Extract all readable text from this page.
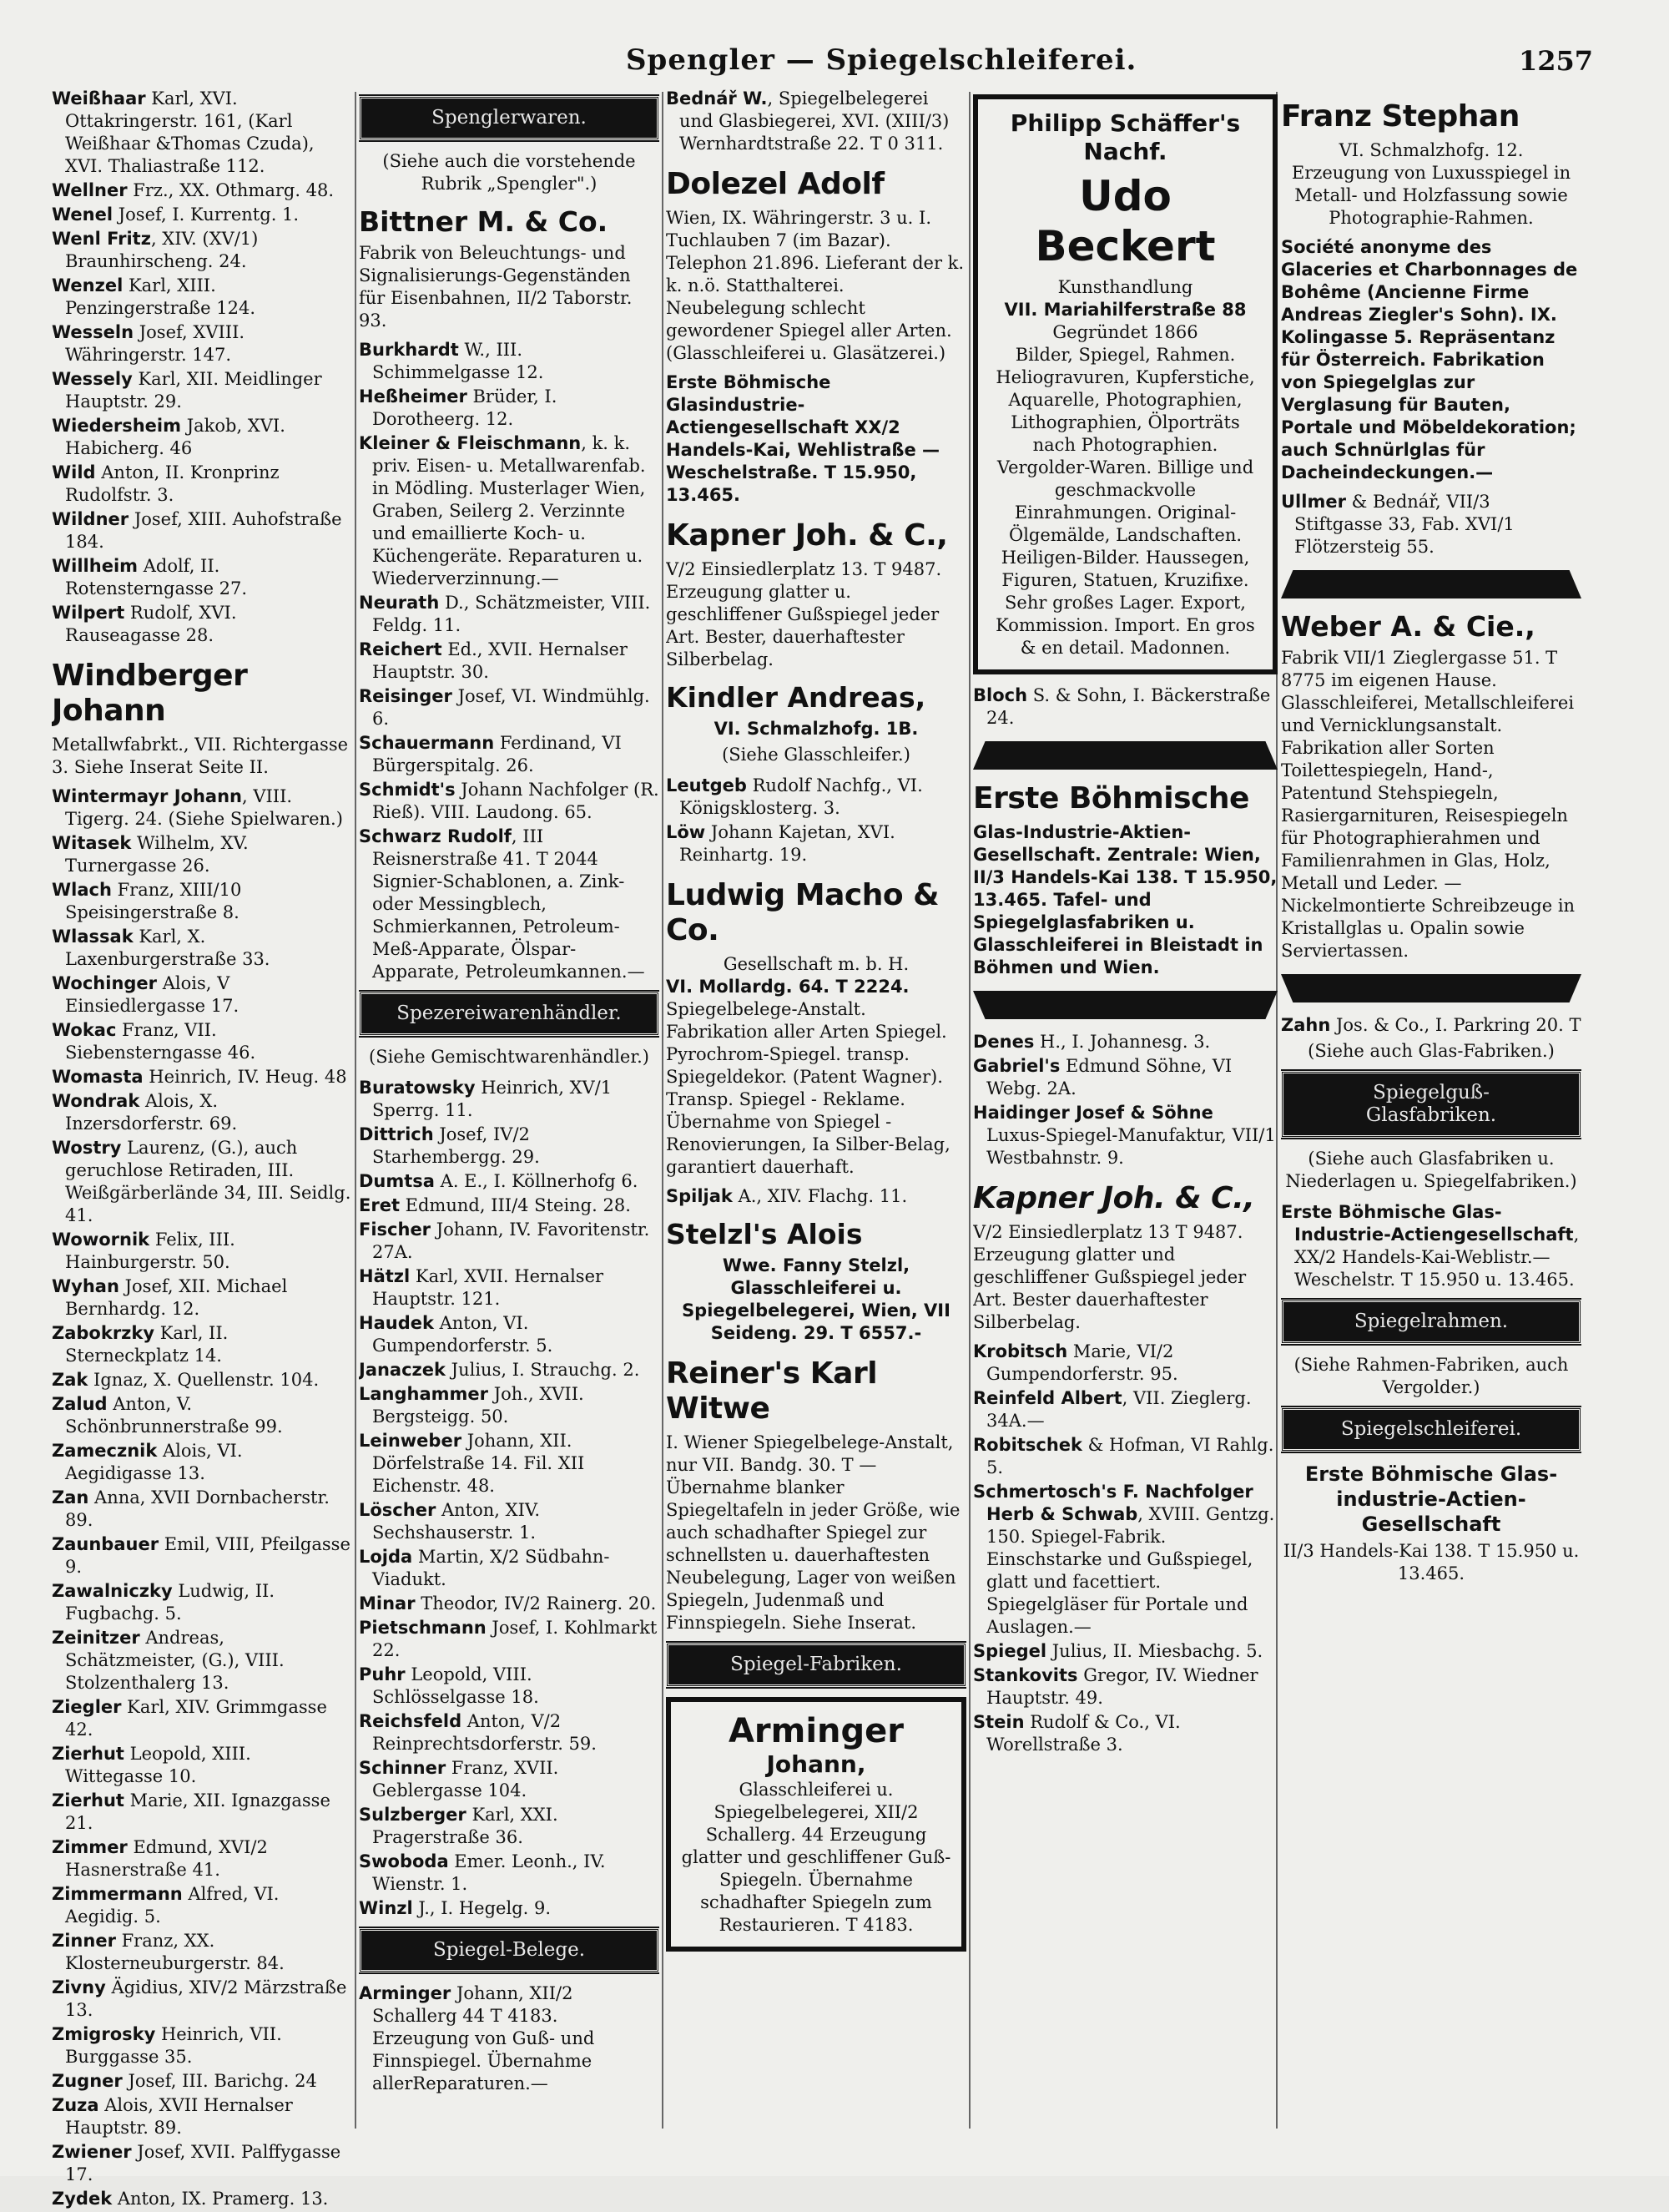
Spengler — Spiegelschleiferei.	1257
Weißhaar Karl, XVI. Ottakringerstr. 161, (Karl Weißhaar &Thomas Czuda), XVI. Thaliastraße 112.
Wellner Frz., XX. Othmarg. 48.
Wenel Josef, I. Kurrentg. 1.
Wenl Fritz, XIV. (XV/1) Braunhirscheng. 24.
Wenzel Karl, XIII. Penzingerstraße 124.
Wesseln Josef, XVIII. Währingerstr. 147.
Wessely Karl, XII. Meidlinger Hauptstr. 29.
Wiedersheim Jakob, XVI. Habicherg. 46
Wild Anton, II. Kronprinz Rudolfstr. 3.
Wildner Josef, XIII. Auhofstraße 184.
Willheim Adolf, II. Rotensterngasse 27.
Wilpert Rudolf, XVI. Rauseagasse 28.
Windberger Johann
Metallwfabrkt., VII. Richtergasse 3. Siehe Inserat Seite II.
Wintermayr Johann, VIII. Tigerg. 24. (Siehe Spielwaren.)
Witasek Wilhelm, XV. Turnergasse 26.
Wlach Franz, XIII/10 Speisingerstraße 8.
Wlassak Karl, X. Laxenburgerstraße 33.
Wochinger Alois, V Einsiedlergasse 17.
Wokac Franz, VII. Siebensterngasse 46.
Womasta Heinrich, IV. Heug. 48
Wondrak Alois, X. Inzersdorferstr. 69.
Wostry Laurenz, (G.), auch geruchlose Retiraden, III. Weißgärberlände 34, III. Seidlg. 41.
Wowornik Felix, III. Hainburgerstr. 50.
Wyhan Josef, XII. Michael Bernhardg. 12.
Zabokrzky Karl, II. Sterneckplatz 14.
Zak Ignaz, X. Quellenstr. 104.
Zalud Anton, V. Schönbrunnerstraße 99.
Zamecznik Alois, VI. Aegidigasse 13.
Zan Anna, XVII Dornbacherstr. 89.
Zaunbauer Emil, VIII, Pfeilgasse 9.
Zawalniczky Ludwig, II. Fugbachg. 5.
Zeinitzer Andreas, Schätzmeister, (G.), VIII. Stolzenthalerg 13.
Ziegler Karl, XIV. Grimmgasse 42.
Zierhut Leopold, XIII. Wittegasse 10.
Zierhut Marie, XII. Ignazgasse 21.
Zimmer Edmund, XVI/2 Hasnerstraße 41.
Zimmermann Alfred, VI. Aegidig. 5.
Zinner Franz, XX. Klosterneuburgerstr. 84.
Zivny Ägidius, XIV/2 Märzstraße 13.
Zmigrosky Heinrich, VII. Burggasse 35.
Zugner Josef, III. Barichg. 24
Zuza Alois, XVII Hernalser Hauptstr. 89.
Zwiener Josef, XVII. Palffygasse 17.
Zydek Anton, IX. Pramerg. 13.
Spenglerwaren.
(Siehe auch die vorstehende Rubrik „Spengler".)
Bittner M. & Co.
Fabrik von Beleuchtungs- und Signalisierungs-Gegenständen für Eisenbahnen, II/2 Taborstr. 93.
Burkhardt W., III. Schimmelgasse 12.
Heßheimer Brüder, I. Dorotheerg. 12.
Kleiner & Fleischmann, k. k. priv. Eisen- u. Metallwarenfab. in Mödling. Musterlager Wien, Graben, Seilerg 2. Verzinnte und emaillierte Koch- u. Küchengeräte. Reparaturen u. Wiederverzinnung.—
Neurath D., Schätzmeister, VIII. Feldg. 11.
Reichert Ed., XVII. Hernalser Hauptstr. 30.
Reisinger Josef, VI. Windmühlg. 6.
Schauermann Ferdinand, VI Bürgerspitalg. 26.
Schmidt's Johann Nachfolger (R. Rieß). VIII. Laudong. 65.
Schwarz Rudolf, III Reisnerstraße 41. T 2044 Signier-Schablonen, a. Zink- oder Messingblech, Schmierkannen, Petroleum-Meß-Apparate, Ölspar-Apparate, Petroleumkannen.—
Spezereiwarenhändler.
(Siehe Gemischtwarenhändler.)
Buratowsky Heinrich, XV/1 Sperrg. 11.
Dittrich Josef, IV/2 Starhembergg. 29.
Dumtsa A. E., I. Köllnerhofg 6.
Eret Edmund, III/4 Steing. 28.
Fischer Johann, IV. Favoritenstr. 27A.
Hätzl Karl, XVII. Hernalser Hauptstr. 121.
Haudek Anton, VI. Gumpendorferstr. 5.
Janaczek Julius, I. Strauchg. 2.
Langhammer Joh., XVII. Bergsteigg. 50.
Leinweber Johann, XII. Dörfelstraße 14. Fil. XII Eichenstr. 48.
Löscher Anton, XIV. Sechshauserstr. 1.
Lojda Martin, X/2 Südbahn-Viadukt.
Minar Theodor, IV/2 Rainerg. 20.
Pietschmann Josef, I. Kohlmarkt 22.
Puhr Leopold, VIII. Schlösselgasse 18.
Reichsfeld Anton, V/2 Reinprechtsdorferstr. 59.
Schinner Franz, XVII. Geblergasse 104.
Sulzberger Karl, XXI. Pragerstraße 36.
Swoboda Emer. Leonh., IV. Wienstr. 1.
Winzl J., I. Hegelg. 9.
Spiegel-Belege.
Arminger Johann, XII/2 Schallerg 44 T 4183. Erzeugung von Guß- und Finnspiegel. Übernahme allerReparaturen.—
Bednář W., Spiegelbelegerei und Glasbiegerei, XVI. (XIII/3) Wernhardtstraße 22. T 0 311.
Dolezel Adolf
Wien, IX. Währingerstr. 3 u. I. Tuchlauben 7 (im Bazar). Telephon 21.896. Lieferant der k. k. n.ö. Statthalterei. Neubelegung schlecht gewordener Spiegel aller Arten. (Glasschleiferei u. Glasätzerei.)
Erste Böhmische Glasindustrie-Actiengesellschaft XX/2 Handels-Kai, Wehlistraße — Weschelstraße. T 15.950, 13.465.
Kapner Joh. & C.,
V/2 Einsiedlerplatz 13. T 9487. Erzeugung glatter u. geschliffener Gußspiegel jeder Art. Bester, dauerhaftester Silberbelag.
Kindler Andreas,
VI. Schmalzhofg. 1B.
(Siehe Glasschleifer.)
Leutgeb Rudolf Nachfg., VI. Königsklosterg. 3.
Löw Johann Kajetan, XVI. Reinhartg. 19.
Ludwig Macho & Co.
Gesellschaft m. b. H.
VI. Mollardg. 64. T 2224.
Spiegelbelege-Anstalt. Fabrikation aller Arten Spiegel. Pyrochrom-Spiegel. transp. Spiegeldekor. (Patent Wagner). Transp. Spiegel - Reklame. Übernahme von Spiegel - Renovierungen, Ia Silber-Belag, garantiert dauerhaft.
Spiljak A., XIV. Flachg. 11.
Stelzl's Alois
Wwe. Fanny Stelzl, Glasschleiferei u. Spiegelbelegerei, Wien, VII Seideng. 29. T 6557.-
Reiner's Karl Witwe
I. Wiener Spiegelbelege-Anstalt, nur VII. Bandg. 30. T —Übernahme blanker Spiegeltafeln in jeder Größe, wie auch schadhafter Spiegel zur schnellsten u. dauerhaftesten Neubelegung, Lager von weißen Spiegeln, Judenmaß und Finnspiegeln. Siehe Inserat.
Spiegel-Fabriken.
Arminger
Johann,
Glasschleiferei u. Spiegelbelegerei, XII/2 Schallerg. 44 Erzeugung glatter und geschliffener Guß-Spiegeln. Übernahme schadhafter Spiegeln zum Restaurieren. T 4183.
Philipp Schäffer's Nachf.
Udo Beckert
Kunsthandlung
VII. Mariahilferstraße 88
Gegründet 1866
Bilder, Spiegel, Rahmen. Heliogravuren, Kupferstiche, Aquarelle, Photographien, Lithographien, Ölporträts nach Photographien. Vergolder-Waren. Billige und geschmackvolle Einrahmungen. Original-Ölgemälde, Landschaften. Heiligen-Bilder. Haussegen, Figuren, Statuen, Kruzifixe. Sehr großes Lager. Export, Kommission. Import. En gros & en detail. Madonnen.
Bloch S. & Sohn, I. Bäckerstraße 24.
Erste Böhmische
Glas-Industrie-Aktien-Gesellschaft. Zentrale: Wien, II/3 Handels-Kai 138. T 15.950, 13.465. Tafel- und Spiegelglasfabriken u. Glasschleiferei in Bleistadt in Böhmen und Wien.
Denes H., I. Johannesg. 3.
Gabriel's Edmund Söhne, VI Webg. 2A.
Haidinger Josef & Söhne Luxus-Spiegel-Manufaktur, VII/1 Westbahnstr. 9.
Kapner Joh. & C.,
V/2 Einsiedlerplatz 13 T 9487. Erzeugung glatter und geschliffener Gußspiegel jeder Art. Bester dauerhaftester Silberbelag.
Krobitsch Marie, VI/2 Gumpendorferstr. 95.
Reinfeld Albert, VII. Zieglerg. 34A.—
Robitschek & Hofman, VI Rahlg. 5.
Schmertosch's F. Nachfolger Herb & Schwab, XVIII. Gentzg. 150. Spiegel-Fabrik. Einschstarke und Gußspiegel, glatt und facettiert. Spiegelgläser für Portale und Auslagen.—
Spiegel Julius, II. Miesbachg. 5.
Stankovits Gregor, IV. Wiedner Hauptstr. 49.
Stein Rudolf & Co., VI. Worellstraße 3.
Franz Stephan
VI. Schmalzhofg. 12.
Erzeugung von Luxusspiegel in Metall- und Holzfassung sowie Photographie-Rahmen.
Société anonyme des Glaceries et Charbonnages de Bohême (Ancienne Firme Andreas Ziegler's Sohn). IX. Kolingasse 5. Repräsentanz für Österreich. Fabrikation von Spiegelglas zur Verglasung für Bauten, Portale und Möbeldekoration; auch Schnürlglas für Dacheindeckungen.—
Ullmer & Bednář, VII/3 Stiftgasse 33, Fab. XVI/1 Flötzersteig 55.
Weber A. & Cie.,
Fabrik VII/1 Zieglergasse 51. T 8775 im eigenen Hause. Glasschleiferei, Metallschleiferei und Vernicklungsanstalt. Fabrikation aller Sorten Toilettespiegeln, Hand-, Patentund Stehspiegeln, Rasiergarnituren, Reisespiegeln für Photographierahmen und Familienrahmen in Glas, Holz, Metall und Leder. — Nickelmontierte Schreibzeuge in Kristallglas u. Opalin sowie Serviertassen.
Zahn Jos. & Co., I. Parkring 20. T
(Siehe auch Glas-Fabriken.)
Spiegelguß-
Glasfabriken.
(Siehe auch Glasfabriken u. Niederlagen u. Spiegelfabriken.)
Erste Böhmische Glas-Industrie-Actiengesellschaft, XX/2 Handels-Kai-Weblistr.—Weschelstr. T 15.950 u. 13.465.
Spiegelrahmen.
(Siehe Rahmen-Fabriken, auch Vergolder.)
Spiegelschleiferei.
Erste Böhmische Glas-industrie-Actien-Gesellschaft
II/3 Handels-Kai 138. T 15.950 u. 13.465.
